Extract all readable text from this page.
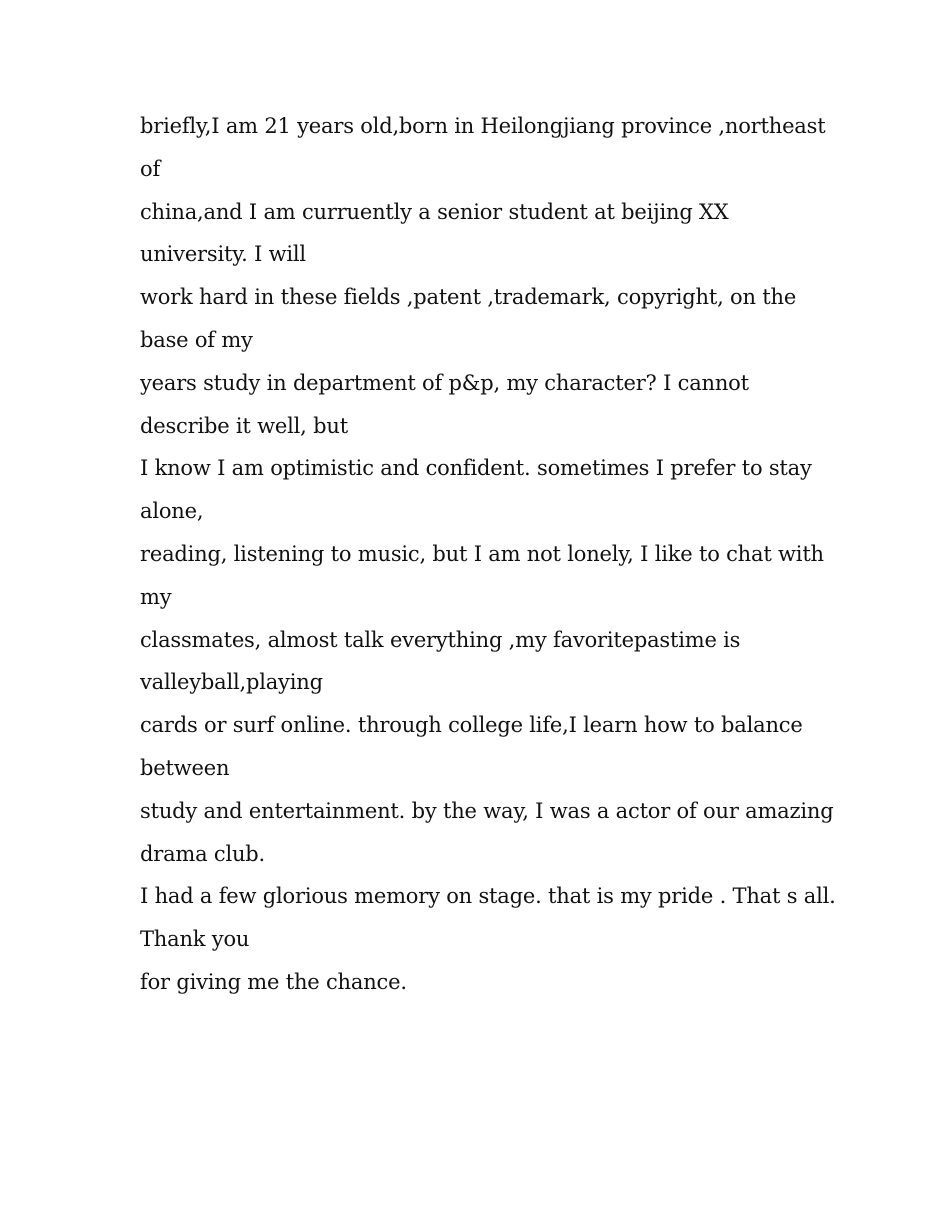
briefly,I am 21 years old,born in Heilongjiang province ,northeast
of
china,and I am curruently a senior student at beijing XX
university. I will
work hard in these fields ,patent ,trademark, copyright, on the
base of my
years study in department of p&p, my character? I cannot
describe it well, but
I know I am optimistic and confident. sometimes I prefer to stay
alone,
reading, listening to music, but I am not lonely, I like to chat with
my
classmates, almost talk everything ,my favoritepastime is
valleyball,playing
cards or surf online. through college life,I learn how to balance
between
study and entertainment. by the way, I was a actor of our amazing
drama club.
I had a few glorious memory on stage. that is my pride . That s all.
Thank you
for giving me the chance.
